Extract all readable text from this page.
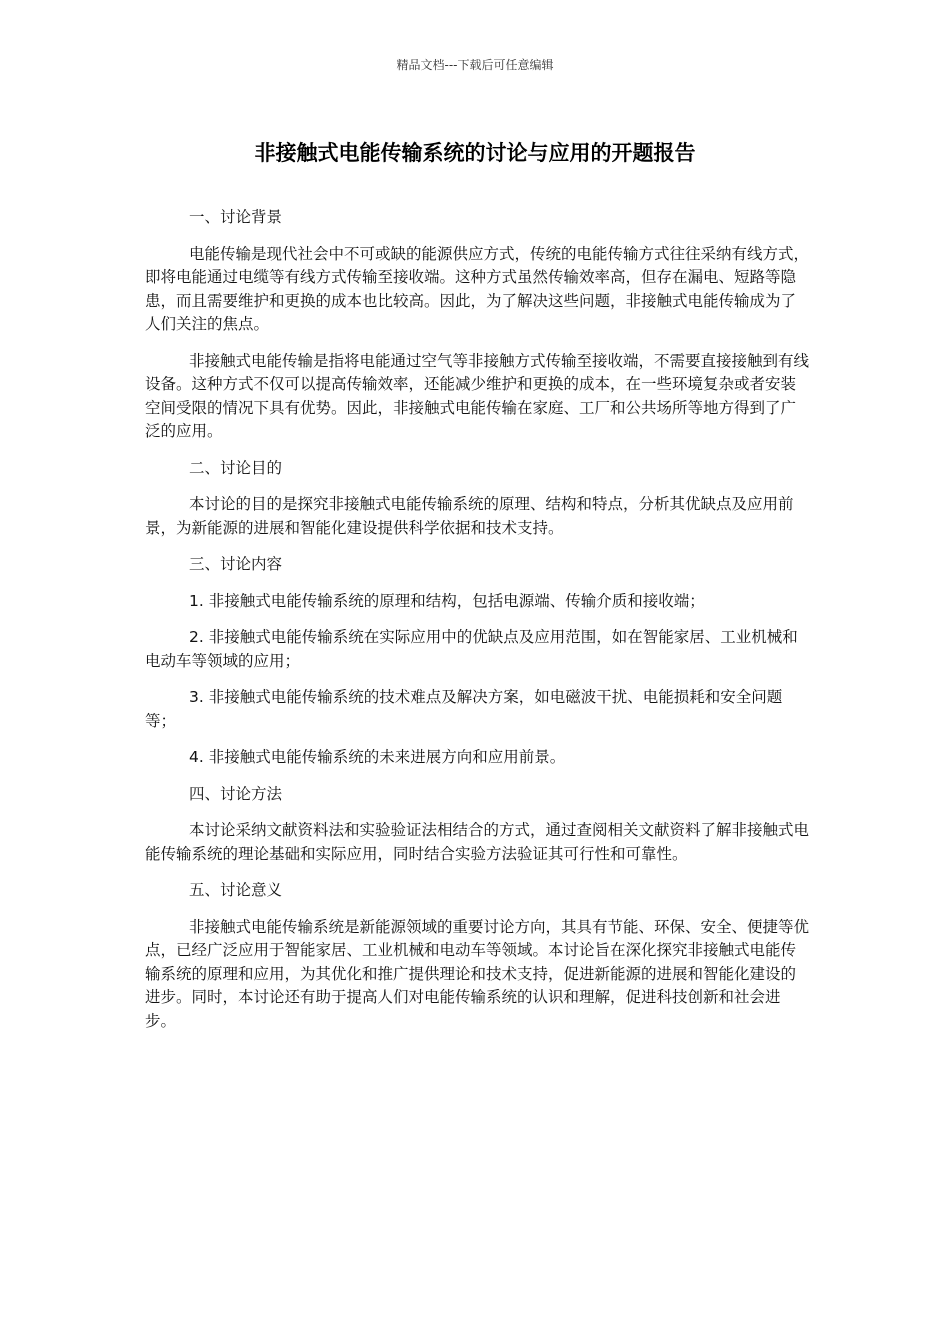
精品文档---下载后可任意编辑
非接触式电能传输系统的讨论与应用的开题报告
一、讨论背景
电能传输是现代社会中不可或缺的能源供应方式，传统的电能传输方式往往采纳有线方式，即将电能通过电缆等有线方式传输至接收端。这种方式虽然传输效率高，但存在漏电、短路等隐患，而且需要维护和更换的成本也比较高。因此，为了解决这些问题，非接触式电能传输成为了人们关注的焦点。
非接触式电能传输是指将电能通过空气等非接触方式传输至接收端，不需要直接接触到有线设备。这种方式不仅可以提高传输效率，还能减少维护和更换的成本，在一些环境复杂或者安装空间受限的情况下具有优势。因此，非接触式电能传输在家庭、工厂和公共场所等地方得到了广泛的应用。
二、讨论目的
本讨论的目的是探究非接触式电能传输系统的原理、结构和特点，分析其优缺点及应用前景，为新能源的进展和智能化建设提供科学依据和技术支持。
三、讨论内容
1. 非接触式电能传输系统的原理和结构，包括电源端、传输介质和接收端；
2. 非接触式电能传输系统在实际应用中的优缺点及应用范围，如在智能家居、工业机械和电动车等领域的应用；
3. 非接触式电能传输系统的技术难点及解决方案，如电磁波干扰、电能损耗和安全问题等；
4. 非接触式电能传输系统的未来进展方向和应用前景。
四、讨论方法
本讨论采纳文献资料法和实验验证法相结合的方式，通过查阅相关文献资料了解非接触式电能传输系统的理论基础和实际应用，同时结合实验方法验证其可行性和可靠性。
五、讨论意义
非接触式电能传输系统是新能源领域的重要讨论方向，其具有节能、环保、安全、便捷等优点，已经广泛应用于智能家居、工业机械和电动车等领域。本讨论旨在深化探究非接触式电能传输系统的原理和应用，为其优化和推广提供理论和技术支持，促进新能源的进展和智能化建设的进步。同时，本讨论还有助于提高人们对电能传输系统的认识和理解，促进科技创新和社会进步。
